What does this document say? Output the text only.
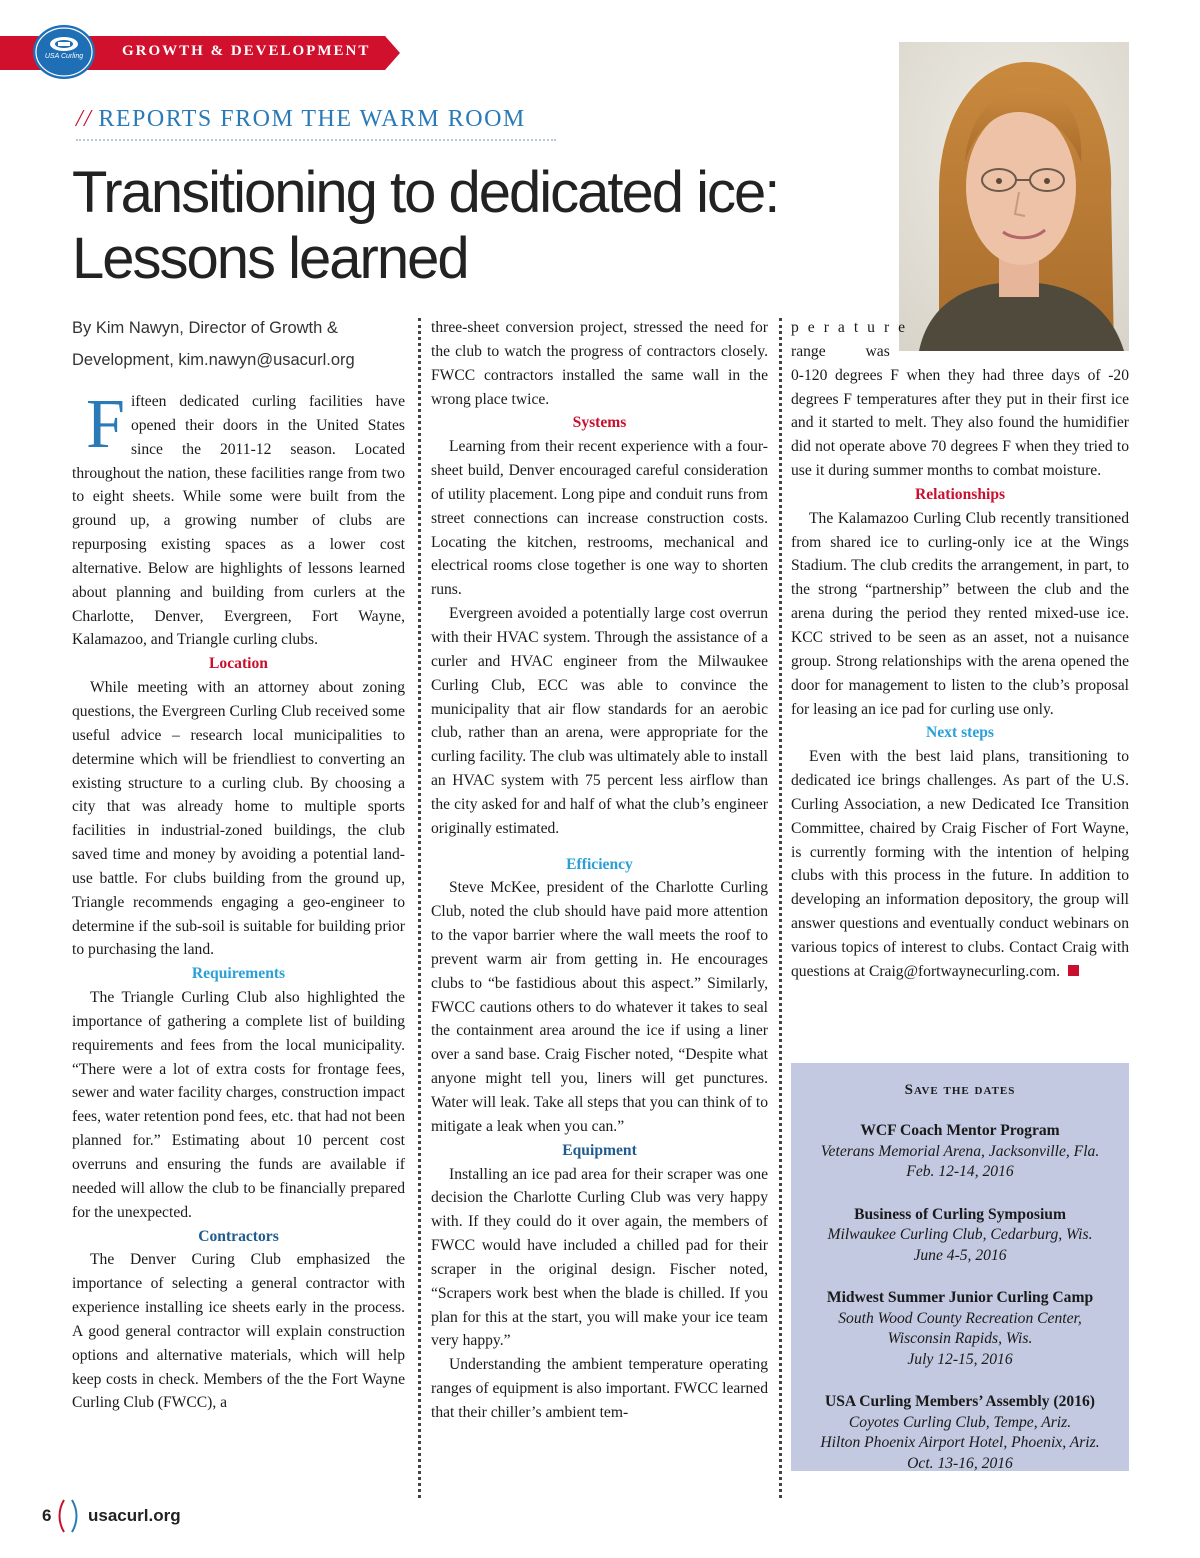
GROWTH & DEVELOPMENT
USA Curling
// REPORTS FROM THE WARM ROOM
Transitioning to dedicated ice:
Lessons learned

By Kim Nawyn, Director of Growth &
Development, kim.nawyn@usacurl.org

Fifteen dedicated curling facilities have opened their doors in the United States since the 2011-12 season. Located throughout the nation, these facilities range from two to eight sheets. While some were built from the ground up, a growing number of clubs are repurposing existing spaces as a lower cost alternative. Below are highlights of lessons learned about planning and building from curlers at the Charlotte, Denver, Evergreen, Fort Wayne, Kalamazoo, and Triangle curling clubs.

Location

While meeting with an attorney about zoning questions, the Evergreen Curling Club received some useful advice – research local municipalities to determine which will be friendliest to converting an existing structure to a curling club. By choosing a city that was already home to multiple sports facilities in industrial-zoned buildings, the club saved time and money by avoiding a potential land-use battle. For clubs building from the ground up, Triangle recommends engaging a geo-engineer to determine if the sub-soil is suitable for building prior to purchasing the land.

Requirements

The Triangle Curling Club also highlighted the importance of gathering a complete list of building requirements and fees from the local municipality. “There were a lot of extra costs for frontage fees, sewer and water facility charges, construction impact fees, water retention pond fees, etc. that had not been planned for.” Estimating about 10 percent cost overruns and ensuring the funds are available if needed will allow the club to be financially prepared for the unexpected.

Contractors

The Denver Curing Club emphasized the importance of selecting a general contractor with experience installing ice sheets early in the process. A good general contractor will explain construction options and alternative materials, which will help keep costs in check. Members of the the Fort Wayne Curling Club (FWCC), a

three-sheet conversion project, stressed the need for the club to watch the progress of contractors closely. FWCC contractors installed the same wall in the wrong place twice.

Systems

Learning from their recent experience with a four-sheet build, Denver encouraged careful consideration of utility placement. Long pipe and conduit runs from street connections can increase construction costs. Locating the kitchen, restrooms, mechanical and electrical rooms close together is one way to shorten runs.

Evergreen avoided a potentially large cost overrun with their HVAC system. Through the assistance of a curler and HVAC engineer from the Milwaukee Curling Club, ECC was able to convince the municipality that air flow standards for an aerobic club, rather than an arena, were appropriate for the curling facility. The club was ultimately able to install an HVAC system with 75 percent less airflow than the city asked for and half of what the club’s engineer originally estimated.

Efficiency

Steve McKee, president of the Charlotte Curling Club, noted the club should have paid more attention to the vapor barrier where the wall meets the roof to prevent warm air from getting in. He encourages clubs to “be fastidious about this aspect.” Similarly, FWCC cautions others to do whatever it takes to seal the containment area around the ice if using a liner over a sand base. Craig Fischer noted, “Despite what anyone might tell you, liners will get punctures. Water will leak. Take all steps that you can think of to mitigate a leak when you can.”

Equipment

Installing an ice pad area for their scraper was one decision the Charlotte Curling Club was very happy with. If they could do it over again, the members of FWCC would have included a chilled pad for their scraper in the original design. Fischer noted, “Scrapers work best when the blade is chilled. If you plan for this at the start, you will make your ice team very happy.”

Understanding the ambient temperature operating ranges of equipment is also important. FWCC learned that their chiller’s ambient tem-

perature

range was

0-120 degrees F when they had three days of -20 degrees F temperatures after they put in their first ice and it started to melt. They also found the humidifier did not operate above 70 degrees F when they tried to use it during summer months to combat moisture.

Relationships

The Kalamazoo Curling Club recently transitioned from shared ice to curling-only ice at the Wings Stadium. The club credits the arrangement, in part, to the strong “partnership” between the club and the arena during the period they rented mixed-use ice. KCC strived to be seen as an asset, not a nuisance group. Strong relationships with the arena opened the door for management to listen to the club’s proposal for leasing an ice pad for curling use only.

Next steps

Even with the best laid plans, transitioning to dedicated ice brings challenges. As part of the U.S. Curling Association, a new Dedicated Ice Transition Committee, chaired by Craig Fischer of Fort Wayne, is currently forming with the intention of helping clubs with this process in the future. In addition to developing an information depository, the group will answer questions and eventually conduct webinars on various topics of interest to clubs. Contact Craig with questions at Craig@fortwaynecurling.com.

Save the dates
WCF Coach Mentor Program
Veterans Memorial Arena, Jacksonville, Fla.
Feb. 12-14, 2016
Business of Curling Symposium
Milwaukee Curling Club, Cedarburg, Wis.
June 4-5, 2016
Midwest Summer Junior Curling Camp
South Wood County Recreation Center,
Wisconsin Rapids, Wis.
July 12-15, 2016
USA Curling Members’ Assembly (2016)
Coyotes Curling Club, Tempe, Ariz.
Hilton Phoenix Airport Hotel, Phoenix, Ariz.
Oct. 13-16, 2016
6 usacurl.org
